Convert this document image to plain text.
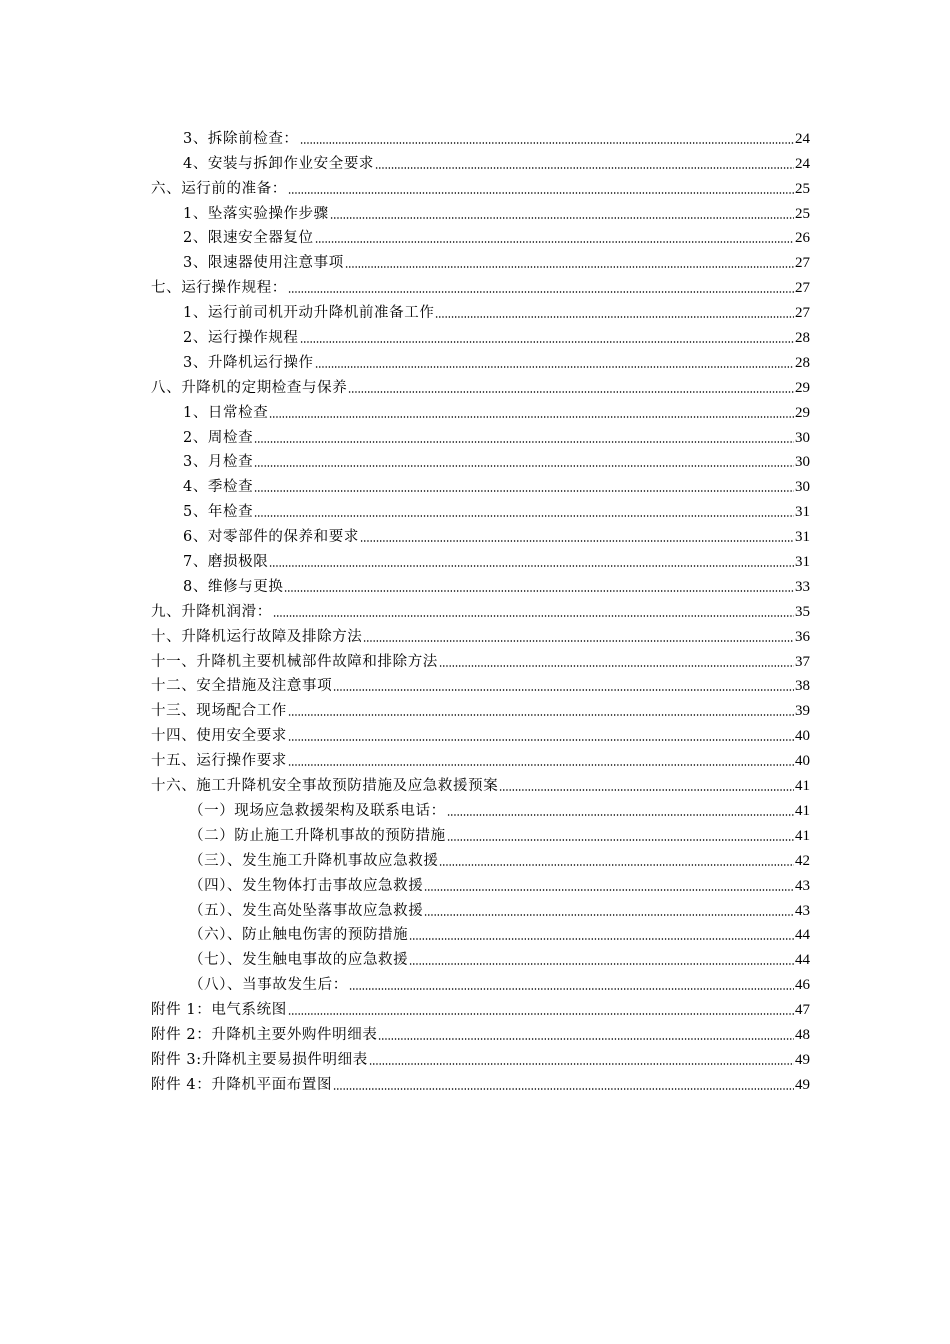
3、拆除前检查：	24
4、安装与拆卸作业安全要求	24
六、运行前的准备：	25
1、坠落实验操作步骤	25
2、限速安全器复位	26
3、限速器使用注意事项	27
七、运行操作规程：	27
1、运行前司机开动升降机前准备工作	27
2、运行操作规程	28
3、升降机运行操作	28
八、升降机的定期检查与保养	29
1、日常检查	29
2、周检查	30
3、月检查	30
4、季检查	30
5、年检查	31
6、对零部件的保养和要求	31
7、磨损极限	31
8、维修与更换	33
九、升降机润滑：	35
十、升降机运行故障及排除方法	36
十一、升降机主要机械部件故障和排除方法	37
十二、安全措施及注意事项	38
十三、现场配合工作	39
十四、使用安全要求	40
十五、运行操作要求	40
十六、施工升降机安全事故预防措施及应急救援预案	41
（一）现场应急救援架构及联系电话：	41
（二）防止施工升降机事故的预防措施	41
（三）、发生施工升降机事故应急救援	42
（四）、发生物体打击事故应急救援	43
（五）、发生高处坠落事故应急救援	43
（六）、防止触电伤害的预防措施	44
（七）、发生触电事故的应急救援	44
（八）、当事故发生后：	46
附件 1：电气系统图	47
附件 2：升降机主要外购件明细表	48
附件 3:升降机主要易损件明细表	49
附件 4：升降机平面布置图	49
